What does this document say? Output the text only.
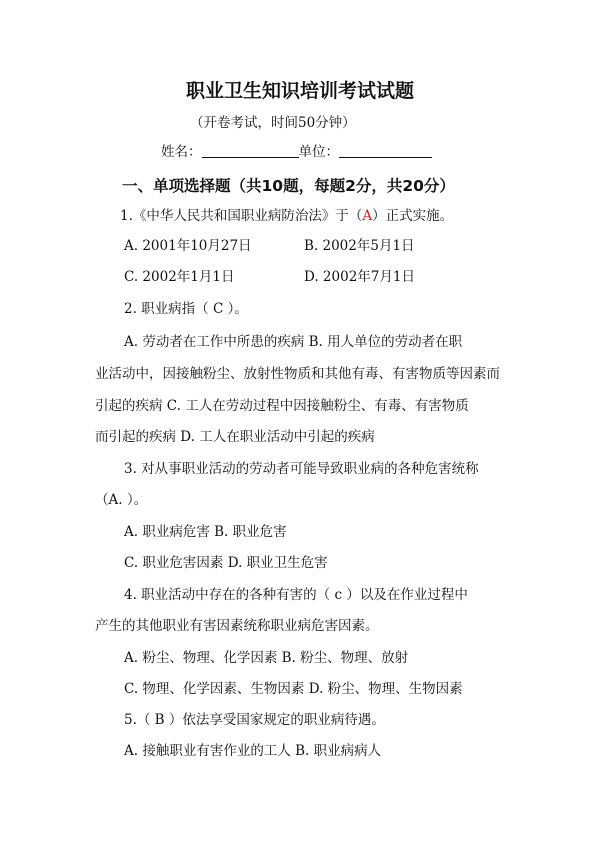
职业卫生知识培训考试试题
（开卷考试，时间50分钟）
姓名：	单位：
一、单项选择题（共10题，每题2分，共20分）
1.《中华人民共和国职业病防治法》于（A）正式实施。
A. 2001年10月27日	B. 2002年5月1日
C. 2002年1月1日	D. 2002年7月1日
2. 职业病指（ C ）。
A. 劳动者在工作中所患的疾病 B. 用人单位的劳动者在职
业活动中，因接触粉尘、放射性物质和其他有毒、有害物质等因素而
引起的疾病 C. 工人在劳动过程中因接触粉尘、有毒、有害物质
而引起的疾病 D. 工人在职业活动中引起的疾病
3. 对从事职业活动的劳动者可能导致职业病的各种危害统称
（A. ）。
A. 职业病危害 B. 职业危害
C. 职业危害因素 D. 职业卫生危害
4. 职业活动中存在的各种有害的（ c ）以及在作业过程中
产生的其他职业有害因素统称职业病危害因素。
A. 粉尘、物理、化学因素 B. 粉尘、物理、放射
C. 物理、化学因素、生物因素 D. 粉尘、物理、生物因素
5.（ B ）依法享受国家规定的职业病待遇。
A. 接触职业有害作业的工人 B. 职业病病人
